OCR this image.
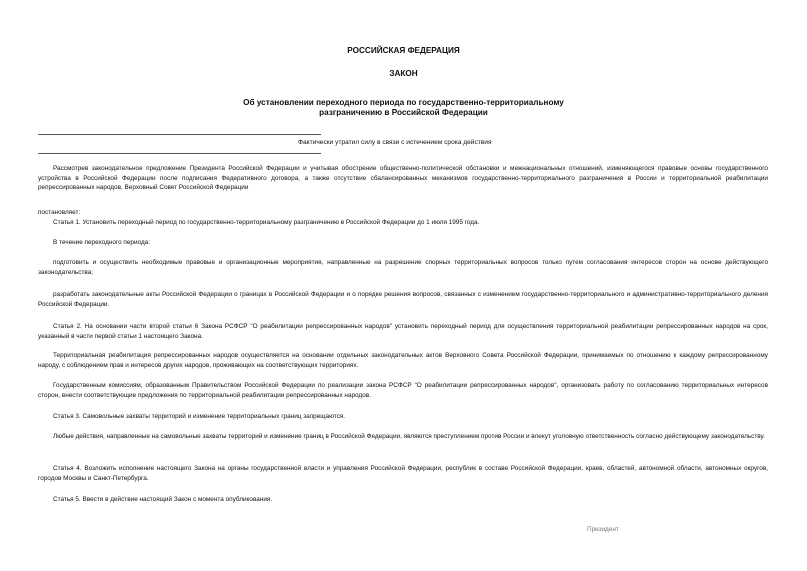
РОССИЙСКАЯ ФЕДЕРАЦИЯ

ЗАКОН

Об установлении переходного периода по государственно-территориальному
разграничению в Российской Федерации

Фактически утратил силу в связи с истечением срока действия

Рассмотрев законодательное предложение Президента Российской Федерации и учитывая обострение общественно-политической обстановки и межнациональных отношений, изменяющегося правовые основы государственного устройства в Российской Федерации после подписания Федеративного договора, а также отсутствие сбалансированных механизмов государственно-территориального разграничения в России и территориальной реабилитации репрессированных народов, Верховный Совет Российской Федерации

постановляет:

Статья 1. Установить переходный период по государственно-территориальному разграничению в Российской Федерации до 1 июля 1995 года.

В течение переходного периода:

подготовить и осуществить необходимые правовые и организационные мероприятия, направленные на разрешение спорных территориальных вопросов только путем согласования интересов сторон на основе действующего законодательства;

разработать законодательные акты Российской Федерации о границах в Российской Федерации и о порядке решения вопросов, связанных с изменением государственно-территориального и административно-территориального деления Российской Федерации.

Статья 2. На основании части второй статьи 6 Закона РСФСР "О реабилитации репрессированных народов" установить переходный период для осуществления территориальной реабилитации репрессированных народов на срок, указанный в части первой статьи 1 настоящего Закона.

Территориальная реабилитация репрессированных народов осуществляется на основании отдельных законодательных актов Верховного Совета Российской Федерации, принимаемых по отношению к каждому репрессированному народу, с соблюдением прав и интересов других народов, проживающих на соответствующих территориях.

Государственным комиссиям, образованным Правительством Российской Федерации по реализации закона РСФСР "О реабилитации репрессированных народов", организовать работу по согласованию территориальных интересов сторон, внести соответствующие предложения по территориальной реабилитации репрессированных народов.

Статья 3. Самовольные захваты территорий и изменение территориальных границ запрещаются.

Любые действия, направленные на самовольные захваты территорий и изменение границ в Российской Федерации, являются преступлением против России и влекут уголовную ответственность согласно действующему законодательству.

Статья 4. Возложить исполнение настоящего Закона на органы государственной власти и управления Российской Федерации, республик в составе Российской Федерации, краев, областей, автономной области, автономных округов, городов Москвы и Санкт-Петербурга.

Статья 5. Ввести в действие настоящий Закон с момента опубликования.

Президент
